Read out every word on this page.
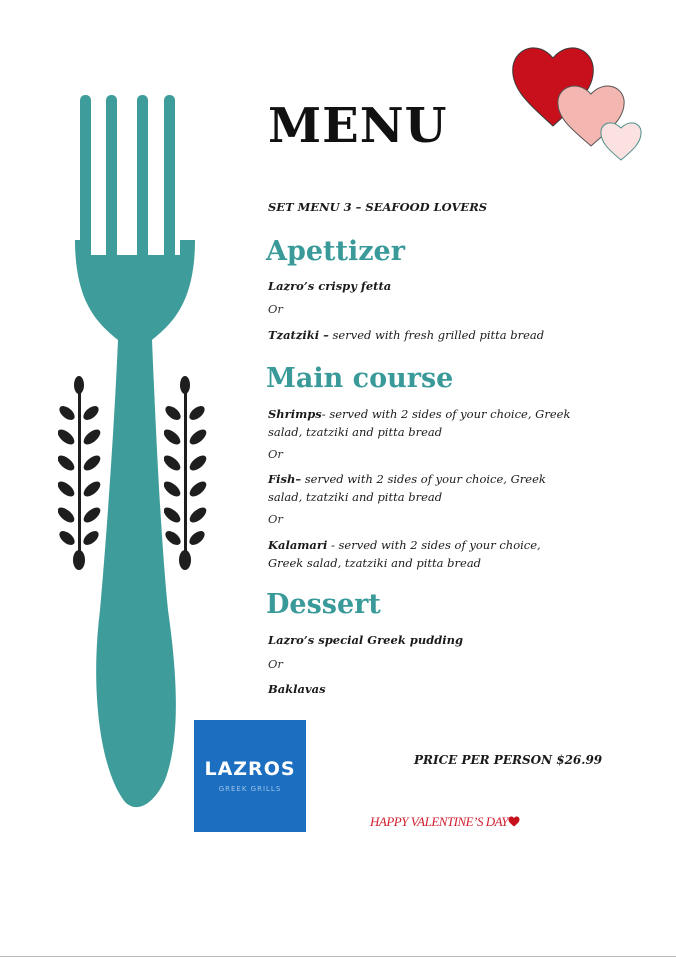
MENU
SET MENU 3 – SEAFOOD LOVERS
Apettizer
Lazro’s crispy fetta
Or
Tzatziki – served with fresh grilled pitta bread
Main course
Shrimps- served with 2 sides of your choice, Greek salad, tzatziki and pitta bread
Or
Fish– served with 2 sides of your choice, Greek salad, tzatziki and pitta bread
Or
Kalamari - served with 2 sides of your choice, Greek salad, tzatziki and pitta bread
Dessert
Lazro’s special Greek pudding
Or
Baklavas
LAZROS
GREEK GRILLS
PRICE PER PERSON $26.99
HAPPY VALENTINE’S DAY
